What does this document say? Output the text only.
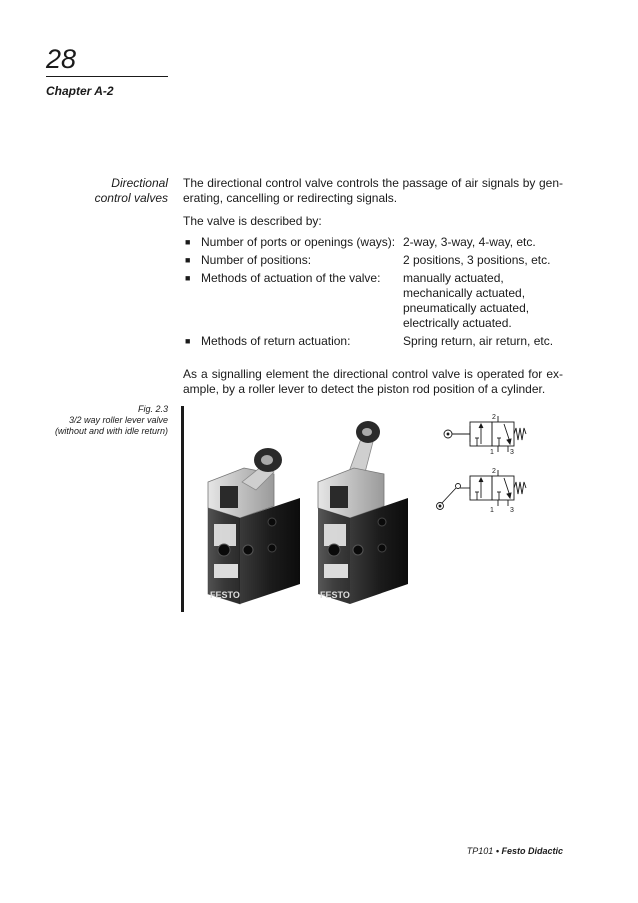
28
Chapter A-2
Directional
control valves

The directional control valve controls the passage of air signals by gen- erating, cancelling or redirecting signals.

The valve is described by:

■ Number of ports or openings (ways): 2-way, 3-way, 4-way, etc.
■ Number of positions:	2 positions, 3 positions, etc.
■ Methods of actuation of the valve:	manually actuated,
mechanically actuated,
pneumatically actuated,
electrically actuated.
■ Methods of return actuation:	Spring return, air return, etc.

As a signalling element the directional control valve is operated for ex- ample, by a roller lever to detect the piston rod position of a cylinder.

Fig. 2.3
3/2 way roller lever valve
(without and with idle return)
FESTO	FESTO
2
1 3
2
1 3
TP101 • Festo Didactic
